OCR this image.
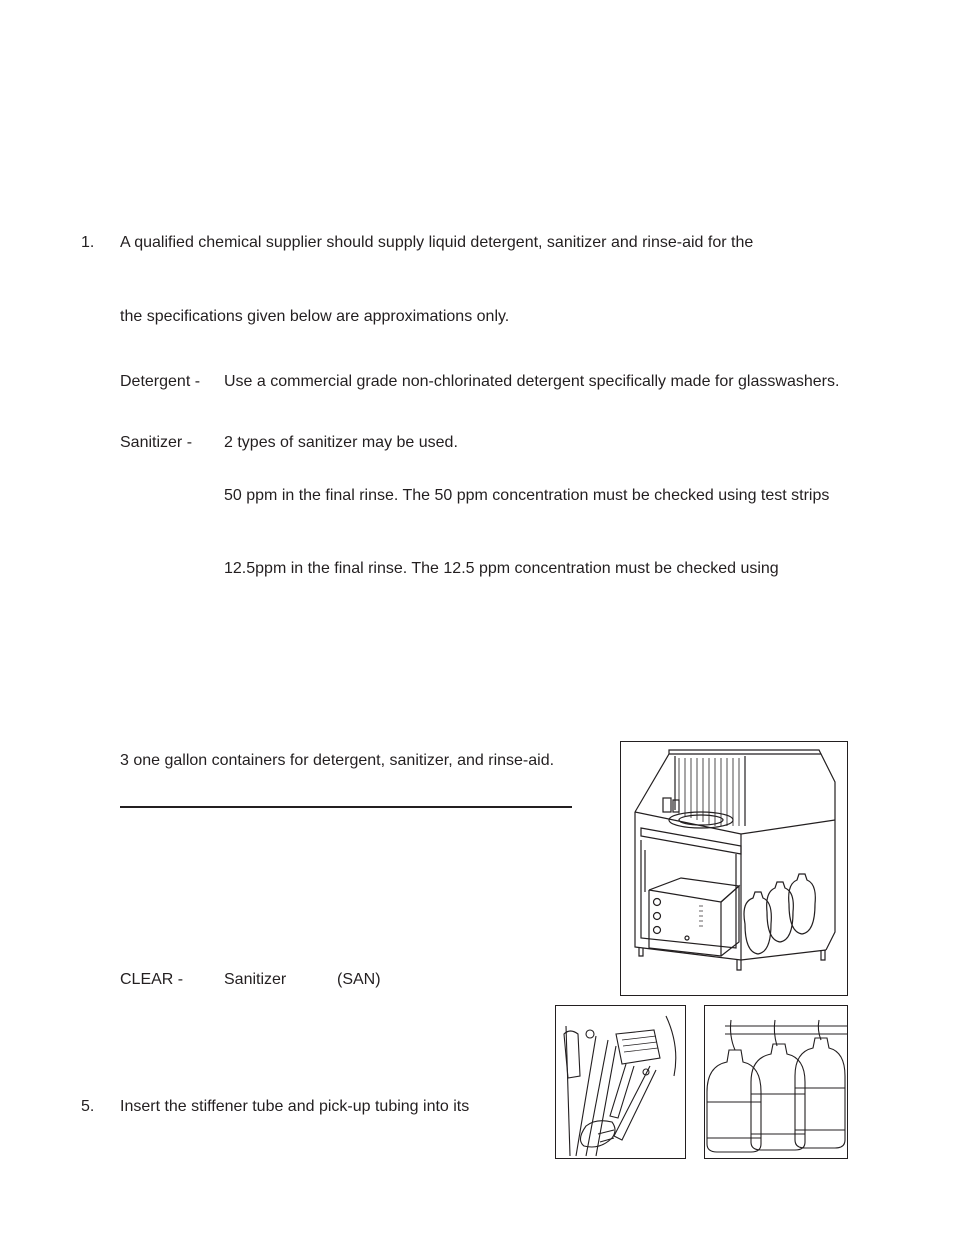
1. A qualified chemical supplier should supply liquid detergent, sanitizer and rinse-aid for the
the specifications given below are approximations only.
Detergent - Use a commercial grade non-chlorinated detergent specifically made for glasswashers.
Sanitizer - 2 types of sanitizer may be used.
50 ppm in the final rinse. The 50 ppm concentration must be checked using test strips
12.5ppm in the final rinse. The 12.5 ppm concentration must be checked using
3 one gallon containers for detergent, sanitizer, and rinse-aid.
CLEAR -	Sanitizer	(SAN)
5. Insert the stiffener tube and pick-up tubing into its
